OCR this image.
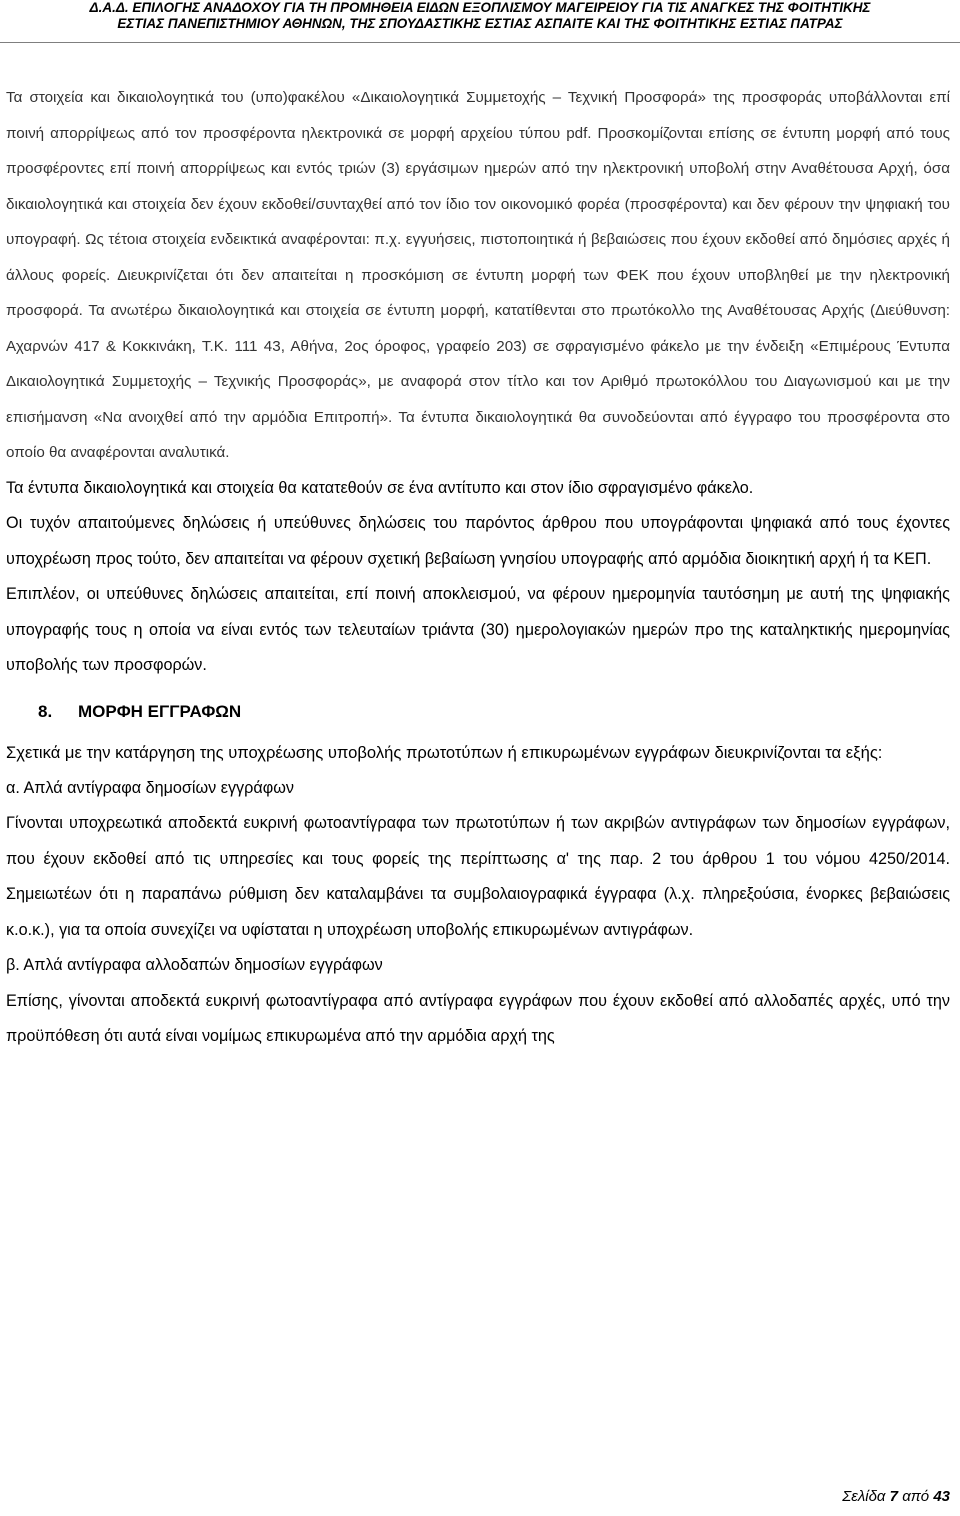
Δ.Α.Δ. ΕΠΙΛΟΓΗΣ ΑΝΑΔΟΧΟΥ ΓΙΑ ΤΗ ΠΡΟΜΗΘΕΙΑ ΕΙΔΩΝ ΕΞΟΠΛΙΣΜΟΥ ΜΑΓΕΙΡΕΙΟΥ ΓΙΑ ΤΙΣ ΑΝΑΓΚΕΣ ΤΗΣ ΦΟΙΤΗΤΙΚΗΣ
ΕΣΤΙΑΣ ΠΑΝΕΠΙΣΤΗΜΙΟΥ ΑΘΗΝΩΝ, ΤΗΣ ΣΠΟΥΔΑΣΤΙΚΗΣ ΕΣΤΙΑΣ ΑΣΠΑΙΤΕ ΚΑΙ ΤΗΣ ΦΟΙΤΗΤΙΚΗΣ ΕΣΤΙΑΣ ΠΑΤΡΑΣ

Τα στοιχεία και δικαιολογητικά του (υπο)φακέλου «Δικαιολογητικά Συμμετοχής – Τεχνική Προσφορά» της προσφοράς υποβάλλονται επί ποινή απορρίψεως από τον προσφέροντα ηλεκτρονικά σε μορφή αρχείου τύπου pdf. Προσκομίζονται επίσης σε έντυπη μορφή από τους προσφέροντες επί ποινή απορρίψεως και εντός τριών (3) εργάσιμων ημερών από την ηλεκτρονική υποβολή στην Αναθέτουσα Αρχή, όσα δικαιολογητικά και στοιχεία δεν έχουν εκδοθεί/συνταχθεί από τον ίδιο τον οικονομικό φορέα (προσφέροντα) και δεν φέρουν την ψηφιακή του υπογραφή. Ως τέτοια στοιχεία ενδεικτικά αναφέρονται: π.χ. εγγυήσεις, πιστοποιητικά ή βεβαιώσεις που έχουν εκδοθεί από δημόσιες αρχές ή άλλους φορείς. Διευκρινίζεται ότι δεν απαιτείται η προσκόμιση σε έντυπη μορφή των ΦΕΚ που έχουν υποβληθεί με την ηλεκτρονική προσφορά. Τα ανωτέρω δικαιολογητικά και στοιχεία σε έντυπη μορφή, κατατίθενται στο πρωτόκολλο της Αναθέτουσας Αρχής (Διεύθυνση: Αχαρνών 417 & Κοκκινάκη, Τ.Κ. 111 43, Αθήνα, 2ος όροφος, γραφείο 203) σε σφραγισμένο φάκελο με την ένδειξη «Επιμέρους Έντυπα Δικαιολογητικά Συμμετοχής – Τεχνικής Προσφοράς», με αναφορά στον τίτλο και τον Αριθμό πρωτοκόλλου του Διαγωνισμού και με την επισήμανση «Να ανοιχθεί από την αρμόδια Επιτροπή». Τα έντυπα δικαιολογητικά θα συνοδεύονται από έγγραφο του προσφέροντα στο οποίο θα αναφέρονται αναλυτικά.

Τα έντυπα δικαιολογητικά και στοιχεία θα κατατεθούν σε ένα αντίτυπο και στον ίδιο σφραγισμένο φάκελο.

Οι τυχόν απαιτούμενες δηλώσεις ή υπεύθυνες δηλώσεις του παρόντος άρθρου που υπογράφονται ψηφιακά από τους έχοντες υποχρέωση προς τούτο, δεν απαιτείται να φέρουν σχετική βεβαίωση γνησίου υπογραφής από αρμόδια διοικητική αρχή ή τα ΚΕΠ.

Επιπλέον, οι υπεύθυνες δηλώσεις απαιτείται, επί ποινή αποκλεισμού, να φέρουν ημερομηνία ταυτόσημη με αυτή της ψηφιακής υπογραφής τους η οποία να είναι εντός των τελευταίων τριάντα (30) ημερολογιακών ημερών προ της καταληκτικής ημερομηνίας υποβολής των προσφορών.

8. ΜΟΡΦΗ ΕΓΓΡΑΦΩΝ

Σχετικά με την κατάργηση της υποχρέωσης υποβολής πρωτοτύπων ή επικυρωμένων εγγράφων διευκρινίζονται τα εξής:

α. Απλά αντίγραφα δημοσίων εγγράφων

Γίνονται υποχρεωτικά αποδεκτά ευκρινή φωτοαντίγραφα των πρωτοτύπων ή των ακριβών αντιγράφων των δημοσίων εγγράφων, που έχουν εκδοθεί από τις υπηρεσίες και τους φορείς της περίπτωσης α' της παρ. 2 του άρθρου 1 του νόμου 4250/2014. Σημειωτέων ότι η παραπάνω ρύθμιση δεν καταλαμβάνει τα συμβολαιογραφικά έγγραφα (λ.χ. πληρεξούσια, ένορκες βεβαιώσεις κ.ο.κ.), για τα οποία συνεχίζει να υφίσταται η υποχρέωση υποβολής επικυρωμένων αντιγράφων.

β. Απλά αντίγραφα αλλοδαπών δημοσίων εγγράφων

Επίσης, γίνονται αποδεκτά ευκρινή φωτοαντίγραφα από αντίγραφα εγγράφων που έχουν εκδοθεί από αλλοδαπές αρχές, υπό την προϋπόθεση ότι αυτά είναι νομίμως επικυρωμένα από την αρμόδια αρχή της

Σελίδα 7 από 43
